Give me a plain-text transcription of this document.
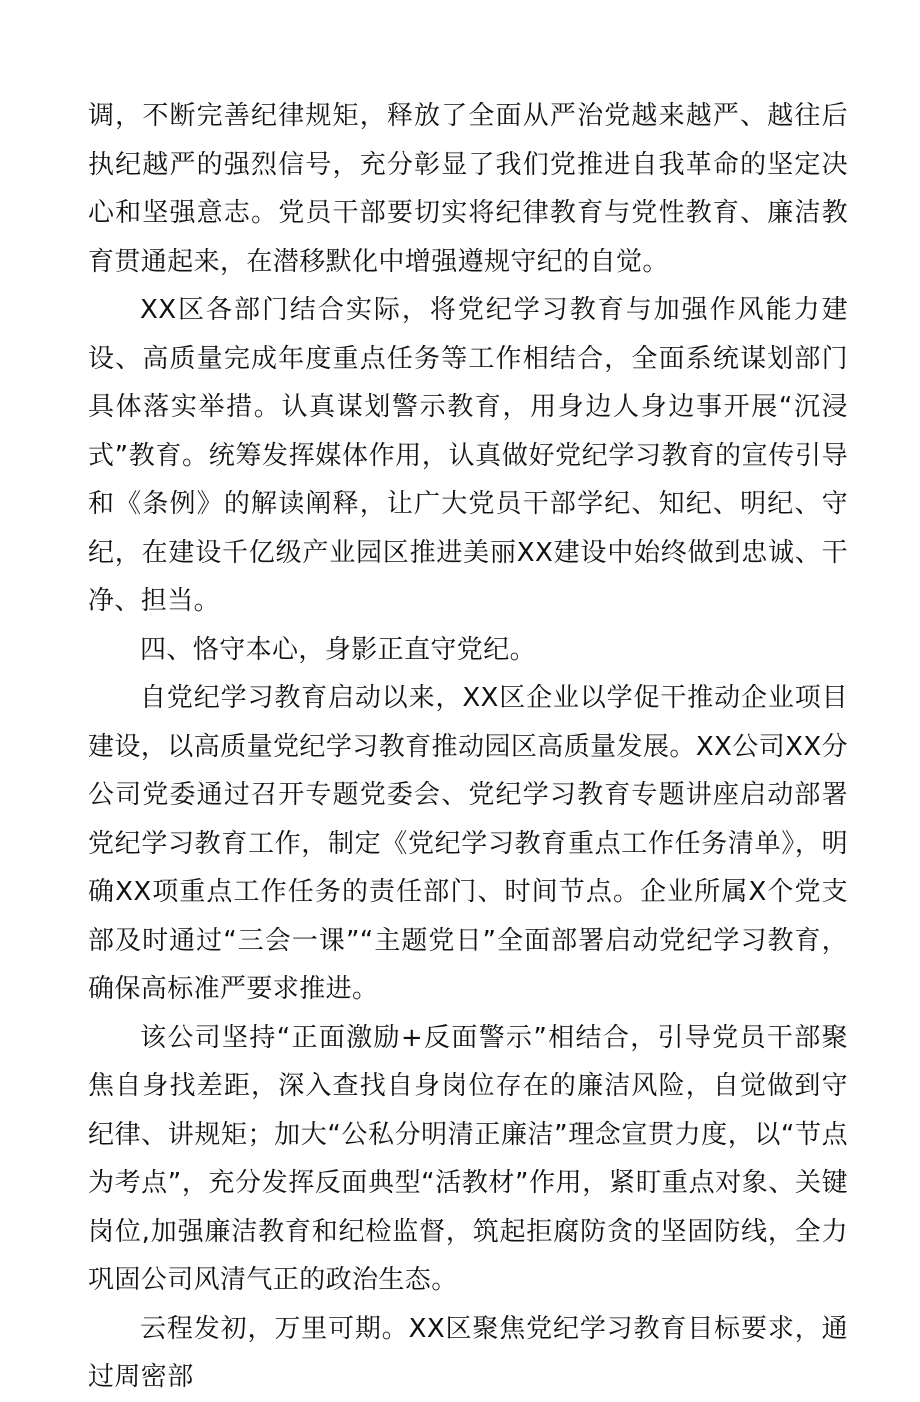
调，不断完善纪律规矩，释放了全面从严治党越来越严、越往后执纪越严的强烈信号，充分彰显了我们党推进自我革命的坚定决心和坚强意志。党员干部要切实将纪律教育与党性教育、廉洁教育贯通起来，在潜移默化中增强遵规守纪的自觉。

XX区各部门结合实际，将党纪学习教育与加强作风能力建设、高质量完成年度重点任务等工作相结合，全面系统谋划部门具体落实举措。认真谋划警示教育，用身边人身边事开展“沉浸式”教育。统筹发挥媒体作用，认真做好党纪学习教育的宣传引导和《条例》的解读阐释，让广大党员干部学纪、知纪、明纪、守纪，在建设千亿级产业园区推进美丽XX建设中始终做到忠诚、干净、担当。

四、恪守本心，身影正直守党纪。

自党纪学习教育启动以来，XX区企业以学促干推动企业项目建设，以高质量党纪学习教育推动园区高质量发展。XX公司XX分公司党委通过召开专题党委会、党纪学习教育专题讲座启动部署党纪学习教育工作，制定《党纪学习教育重点工作任务清单》，明确XX项重点工作任务的责任部门、时间节点。企业所属X个党支部及时通过“三会一课”“主题党日”全面部署启动党纪学习教育，确保高标准严要求推进。

该公司坚持“正面激励+反面警示”相结合，引导党员干部聚焦自身找差距，深入查找自身岗位存在的廉洁风险，自觉做到守纪律、讲规矩；加大“公私分明清正廉洁”理念宣贯力度，以“节点为考点”，充分发挥反面典型“活教材”作用，紧盯重点对象、关键岗位,加强廉洁教育和纪检监督，筑起拒腐防贪的坚固防线，全力巩固公司风清气正的政治生态。

云程发初，万里可期。XX区聚焦党纪学习教育目标要求，通过周密部
